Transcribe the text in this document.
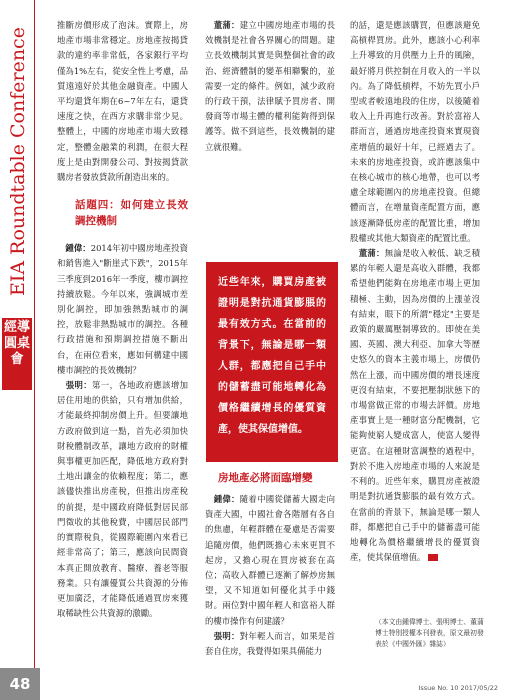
EIA Roundtable Conference
經導圓桌會
48

推斷房價形成了泡沫。實際上，房地產市場非常穩定。房地產按揭貸款的違約率非常低，各家銀行平均僅為1%左右，從安全性上考慮，品質遠遠好於其他金融資產。中國人平均還貸年期在6~7年左右，還貸速度之快，在西方求購非常少見。整體上，中國的房地產市場大致穩定，整體金融業的利潤，在很大程度上是由對開發公司、對按揭貸款購房者發放貸款所創造出來的。

話題四：如何建立長效調控機制

 鍾偉：2014年初中國房地產投資和銷售進入"斷崖式下跌"，2015年三季度到2016年一季度，樓市調控持續放鬆。今年以來，強調城市差別化調控，即加強熱點城市的調控，放鬆非熱點城市的調控。各種行政措施和預期調控措施不斷出台，在兩位看來，應如何構建中國樓市調控的長效機制？

 張明：第一，各地政府應該增加居住用地的供給，只有增加供給，才能最終抑制房價上升。但要讓地方政府做到這一點，首先必須加快財稅體制改革，讓地方政府的財權與事權更加匹配，降低地方政府對土地出讓金的依賴程度；第二，應該儘快推出房產稅，但推出房產稅的前提，是中國政府降低對居民部門徵收的其他稅費，中國居民部門的實際稅負，從國際範圍內來看已經非常高了；第三，應該向民間資本真正開放教育、醫療、養老等服務業。只有讓優質公共資源的分佈更加廣泛，才能降低通過買房來獲取稀缺性公共資源的激勵。

 董蒲：建立中國房地產市場的長效機制是社會各界關心的問題。建立長效機制其實是與整個社會的政治、經濟體制的變革相聯繫的，並需要一定的條件。例如，減少政府的行政干預，法律賦予買房者、開發商等市場主體的權利能夠得到保護等。做不到這些，長效機制的建立就很難。

近些年來，購買房產被證明是對抗通貨膨脹的最有效方式。在當前的背景下，無論是哪一類人群，都應把自己手中的儲蓄盡可能地轉化為價格繼續增長的優質資產，使其保值增值。
房地產必將面臨增變

 鍾偉：隨着中國從儲蓄大國走向資產大國，中國社會各階層有各自的焦慮，年輕群體在憂慮是否需要追隨房價，他們既擔心未來更買不起房，又擔心現在買房被套在高位；高收入群體已逐漸了解炒房無望，又不知道如何優化其手中錢財。兩位對中國年輕人和富裕人群的樓市操作有何建議？

 張明：對年輕人而言，如果是首套自住房，我覺得如果具備能力

的話，還是應該購買，但應該避免高槓桿買房。此外，應該小心利率上升導致的月供壓力上升的風險，最好將月供控制在月收入的一半以內。為了降低槓桿，不妨先買小戶型或者較遠地段的住房，以後隨着收入上升再進行改善。對於富裕人群而言，通過房地產投資來實現資產增值的最好十年，已經過去了。未來的房地產投資，或許應該集中在核心城市的核心地帶，也可以考慮全球範圍內的房地產投資。但總體而言，在增量資產配置方面，應該逐漸降低房產的配置比重，增加股權或其他大類資產的配置比重。

 董蒲：無論是收入較低、缺乏積累的年輕人還是高收入群體，我都希望他們能夠在房地產市場上更加積極、主動，因為房價的上漲並沒有結束，眼下的所謂"穩定"主要是政策的嚴厲壓制導致的。即使在美國、英國、澳大利亞、加拿大等歷史悠久的資本主義市場上，房價仍然在上漲，而中國房價的增長速度更沒有結束，不要把壓制狀態下的市場當做正常的市場去評價。房地產事實上是一種財富分配機制，它能夠使窮人變成富人，使富人變得更富。在這種財富調整的過程中，對於不進入房地產市場的人來說是不利的。近些年來，購買房產被證明是對抗通貨膨脹的最有效方式。在當前的背景下，無論是哪一類人群，都應把自己手中的儲蓄盡可能地轉化為價格繼續增長的優質資產，使其保值增值。

（本文由鍾偉博士、張明博士、董蒲博士特別授權本刊發表，原文最初發表於《中國外匯》雜誌）
Issue No. 10 2017/05/22
